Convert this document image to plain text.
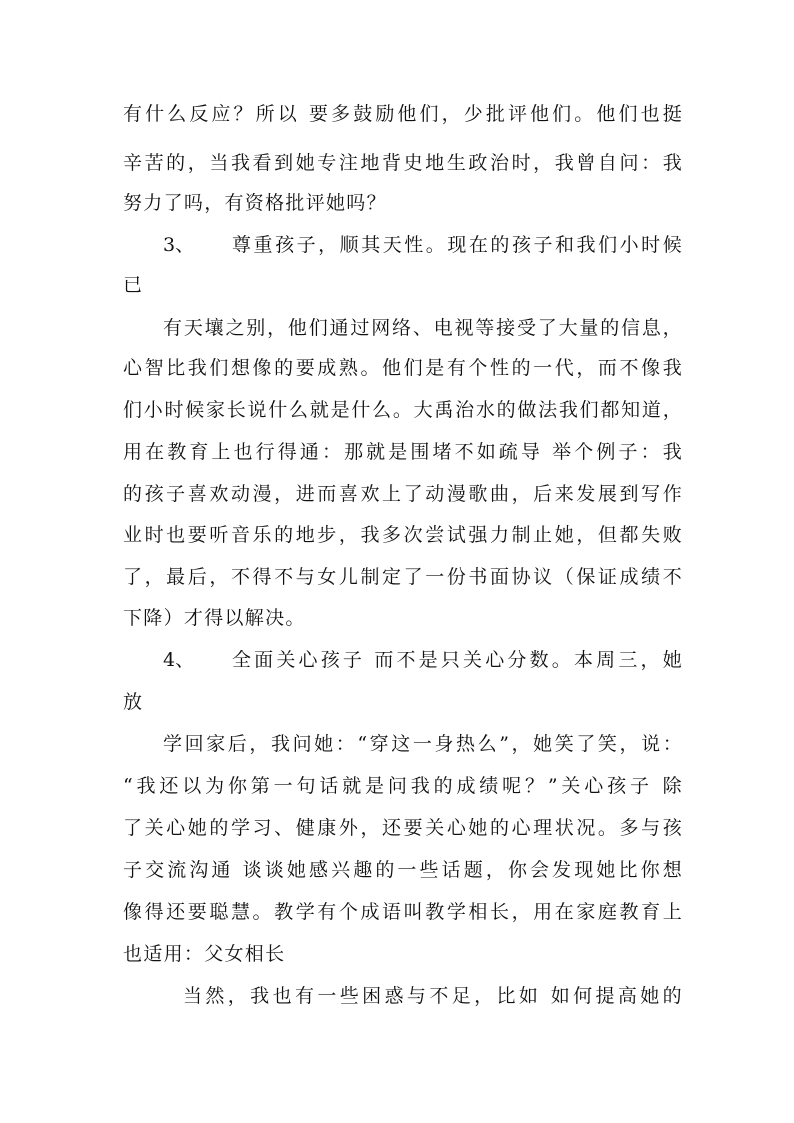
有什么反应？所以 要多鼓励他们，少批评他们。他们也挺
辛苦的，当我看到她专注地背史地生政治时，我曾自问：我
努力了吗，有资格批评她吗？
3、 尊重孩子，顺其天性。现在的孩子和我们小时候
已
有天壤之别，他们通过网络、电视等接受了大量的信息，
心智比我们想像的要成熟。他们是有个性的一代，而不像我
们小时候家长说什么就是什么。大禹治水的做法我们都知道，
用在教育上也行得通：那就是围堵不如疏导 举个例子：我
的孩子喜欢动漫，进而喜欢上了动漫歌曲，后来发展到写作
业时也要听音乐的地步，我多次尝试强力制止她，但都失败
了，最后，不得不与女儿制定了一份书面协议（保证成绩不
下降）才得以解决。
4、 全面关心孩子 而不是只关心分数。本周三，她
放
学回家后，我问她：“穿这一身热么”，她笑了笑，说：
“我还以为你第一句话就是问我的成绩呢？”关心孩子 除
了关心她的学习、健康外，还要关心她的心理状况。多与孩
子交流沟通 谈谈她感兴趣的一些话题，你会发现她比你想
像得还要聪慧。教学有个成语叫教学相长，用在家庭教育上
也适用：父女相长
当然，我也有一些困惑与不足，比如 如何提高她的
